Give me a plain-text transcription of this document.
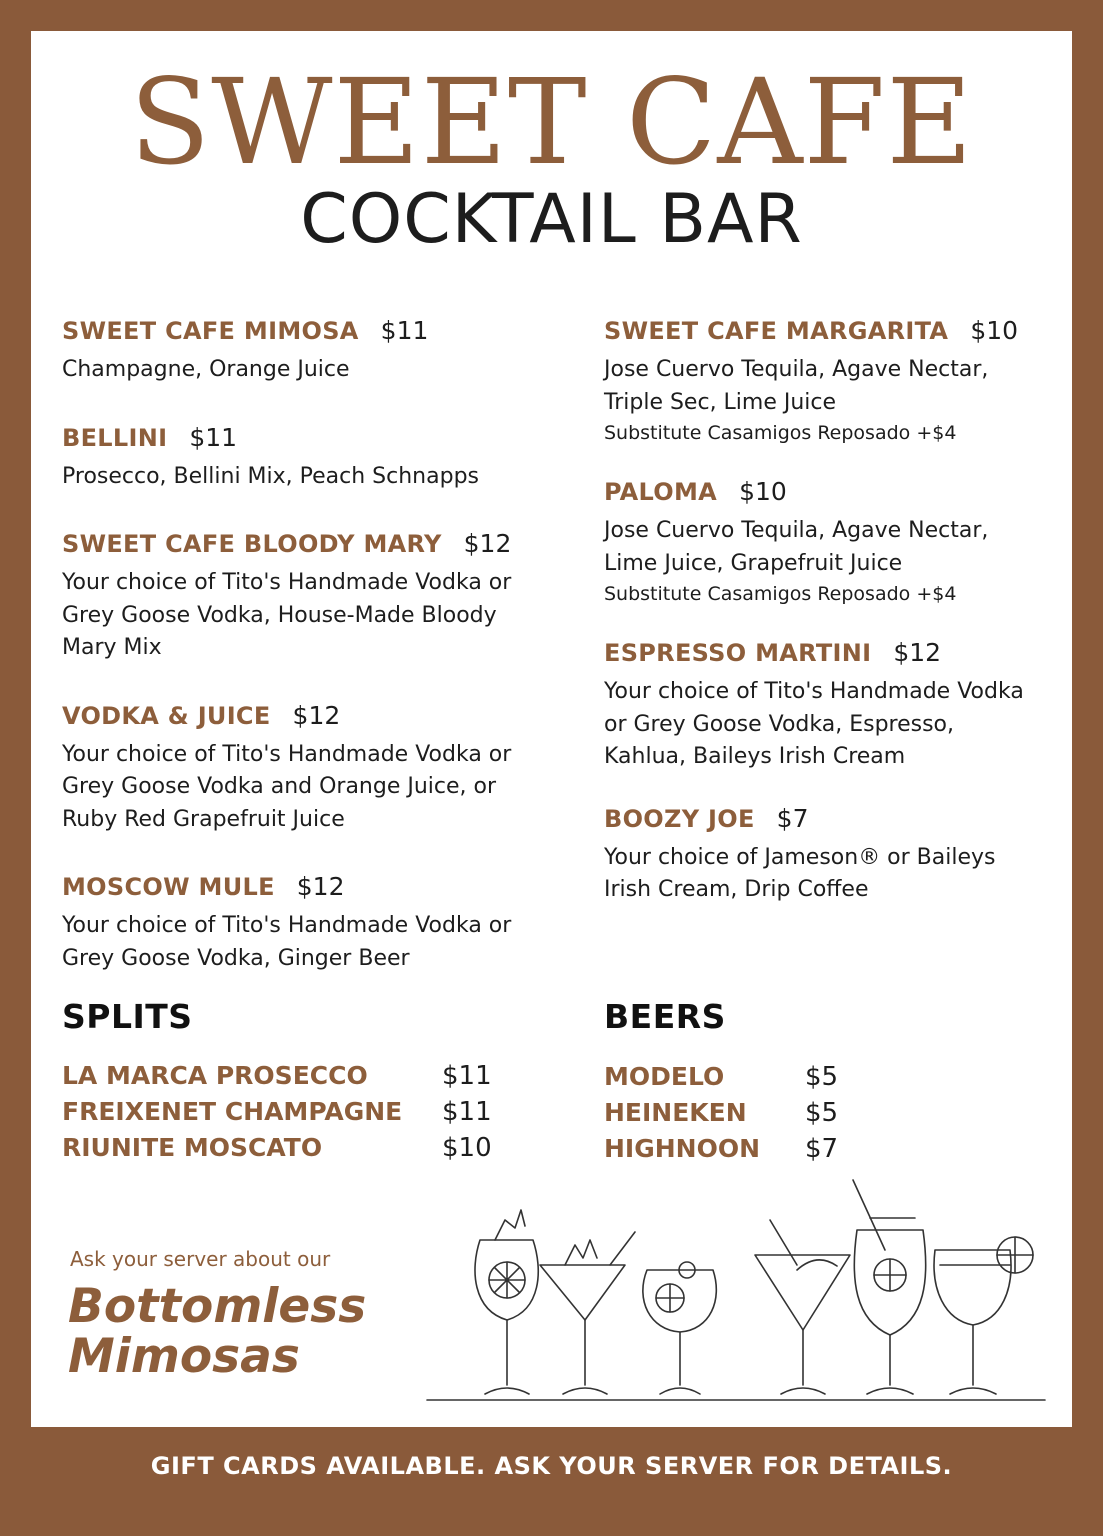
SWEET CAFE
COCKTAIL BAR
SWEET CAFE MIMOSA $11
Champagne, Orange Juice
BELLINI $11
Prosecco, Bellini Mix, Peach Schnapps
SWEET CAFE BLOODY MARY $12
Your choice of Tito's Handmade Vodka or
Grey Goose Vodka, House-Made Bloody
Mary Mix
VODKA & JUICE $12
Your choice of Tito's Handmade Vodka or
Grey Goose Vodka and Orange Juice, or
Ruby Red Grapefruit Juice
MOSCOW MULE $12
Your choice of Tito's Handmade Vodka or
Grey Goose Vodka, Ginger Beer
SWEET CAFE MARGARITA $10
Jose Cuervo Tequila, Agave Nectar,
Triple Sec, Lime Juice
Substitute Casamigos Reposado +$4
PALOMA $10
Jose Cuervo Tequila, Agave Nectar,
Lime Juice, Grapefruit Juice
Substitute Casamigos Reposado +$4
ESPRESSO MARTINI $12
Your choice of Tito's Handmade Vodka
or Grey Goose Vodka, Espresso,
Kahlua, Baileys Irish Cream
BOOZY JOE $7
Your choice of Jameson® or Baileys
Irish Cream, Drip Coffee
SPLITS
LA MARCA PROSECCO	$11
FREIXENET CHAMPAGNE $11
RIUNITE MOSCATO	$10
BEERS
MODELO	$5
HEINEKEN $5
HIGHNOON $7
Ask your server about our
Bottomless
Mimosas
GIFT CARDS AVAILABLE. ASK YOUR SERVER FOR DETAILS.
